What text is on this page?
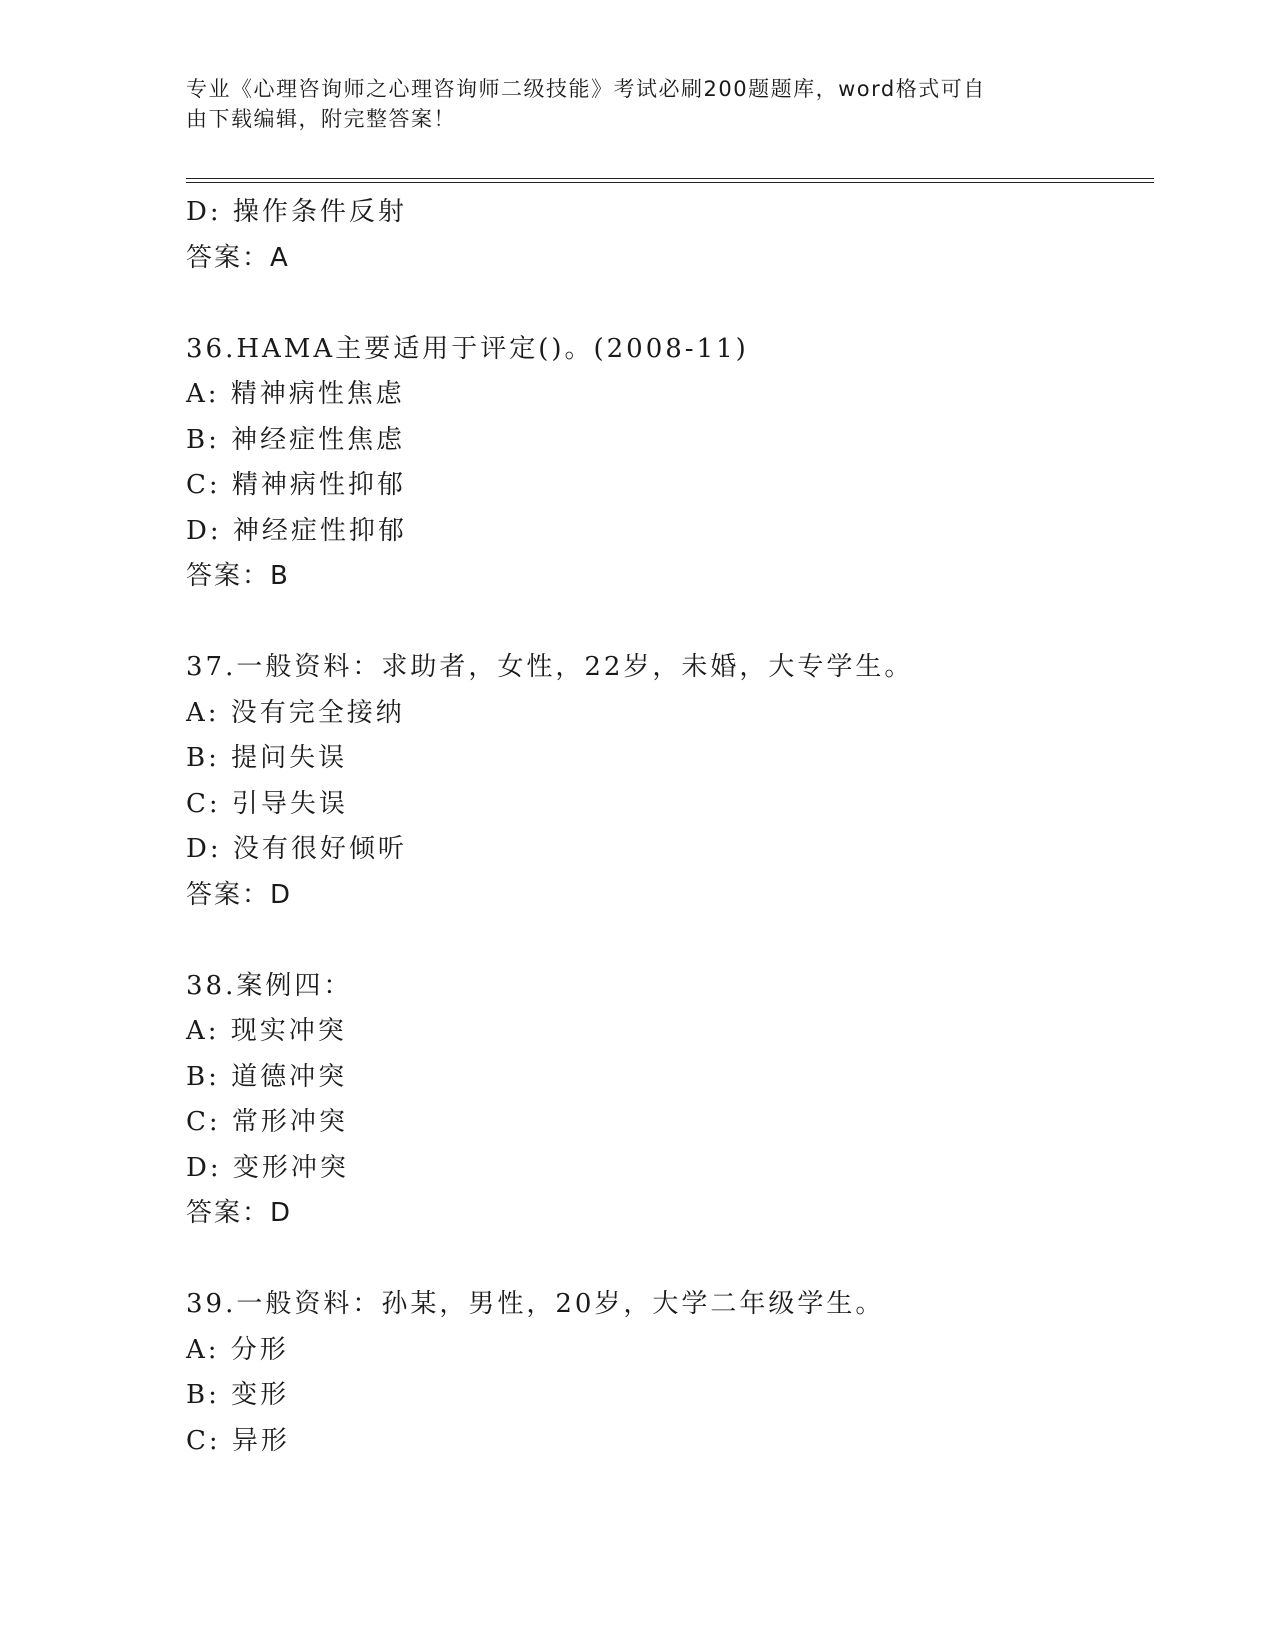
专业《心理咨询师之心理咨询师二级技能》考试必刷200题题库，word格式可自
由下载编辑，附完整答案！
D: 操作条件反射
答案：A
36.HAMA主要适用于评定()。(2008-11)
A: 精神病性焦虑
B: 神经症性焦虑
C: 精神病性抑郁
D: 神经症性抑郁
答案：B
37.一般资料：求助者，女性，22岁，未婚，大专学生。
A: 没有完全接纳
B: 提问失误
C: 引导失误
D: 没有很好倾听
答案：D
38.案例四：
A: 现实冲突
B: 道德冲突
C: 常形冲突
D: 变形冲突
答案：D
39.一般资料：孙某，男性，20岁，大学二年级学生。
A: 分形
B: 变形
C: 异形
